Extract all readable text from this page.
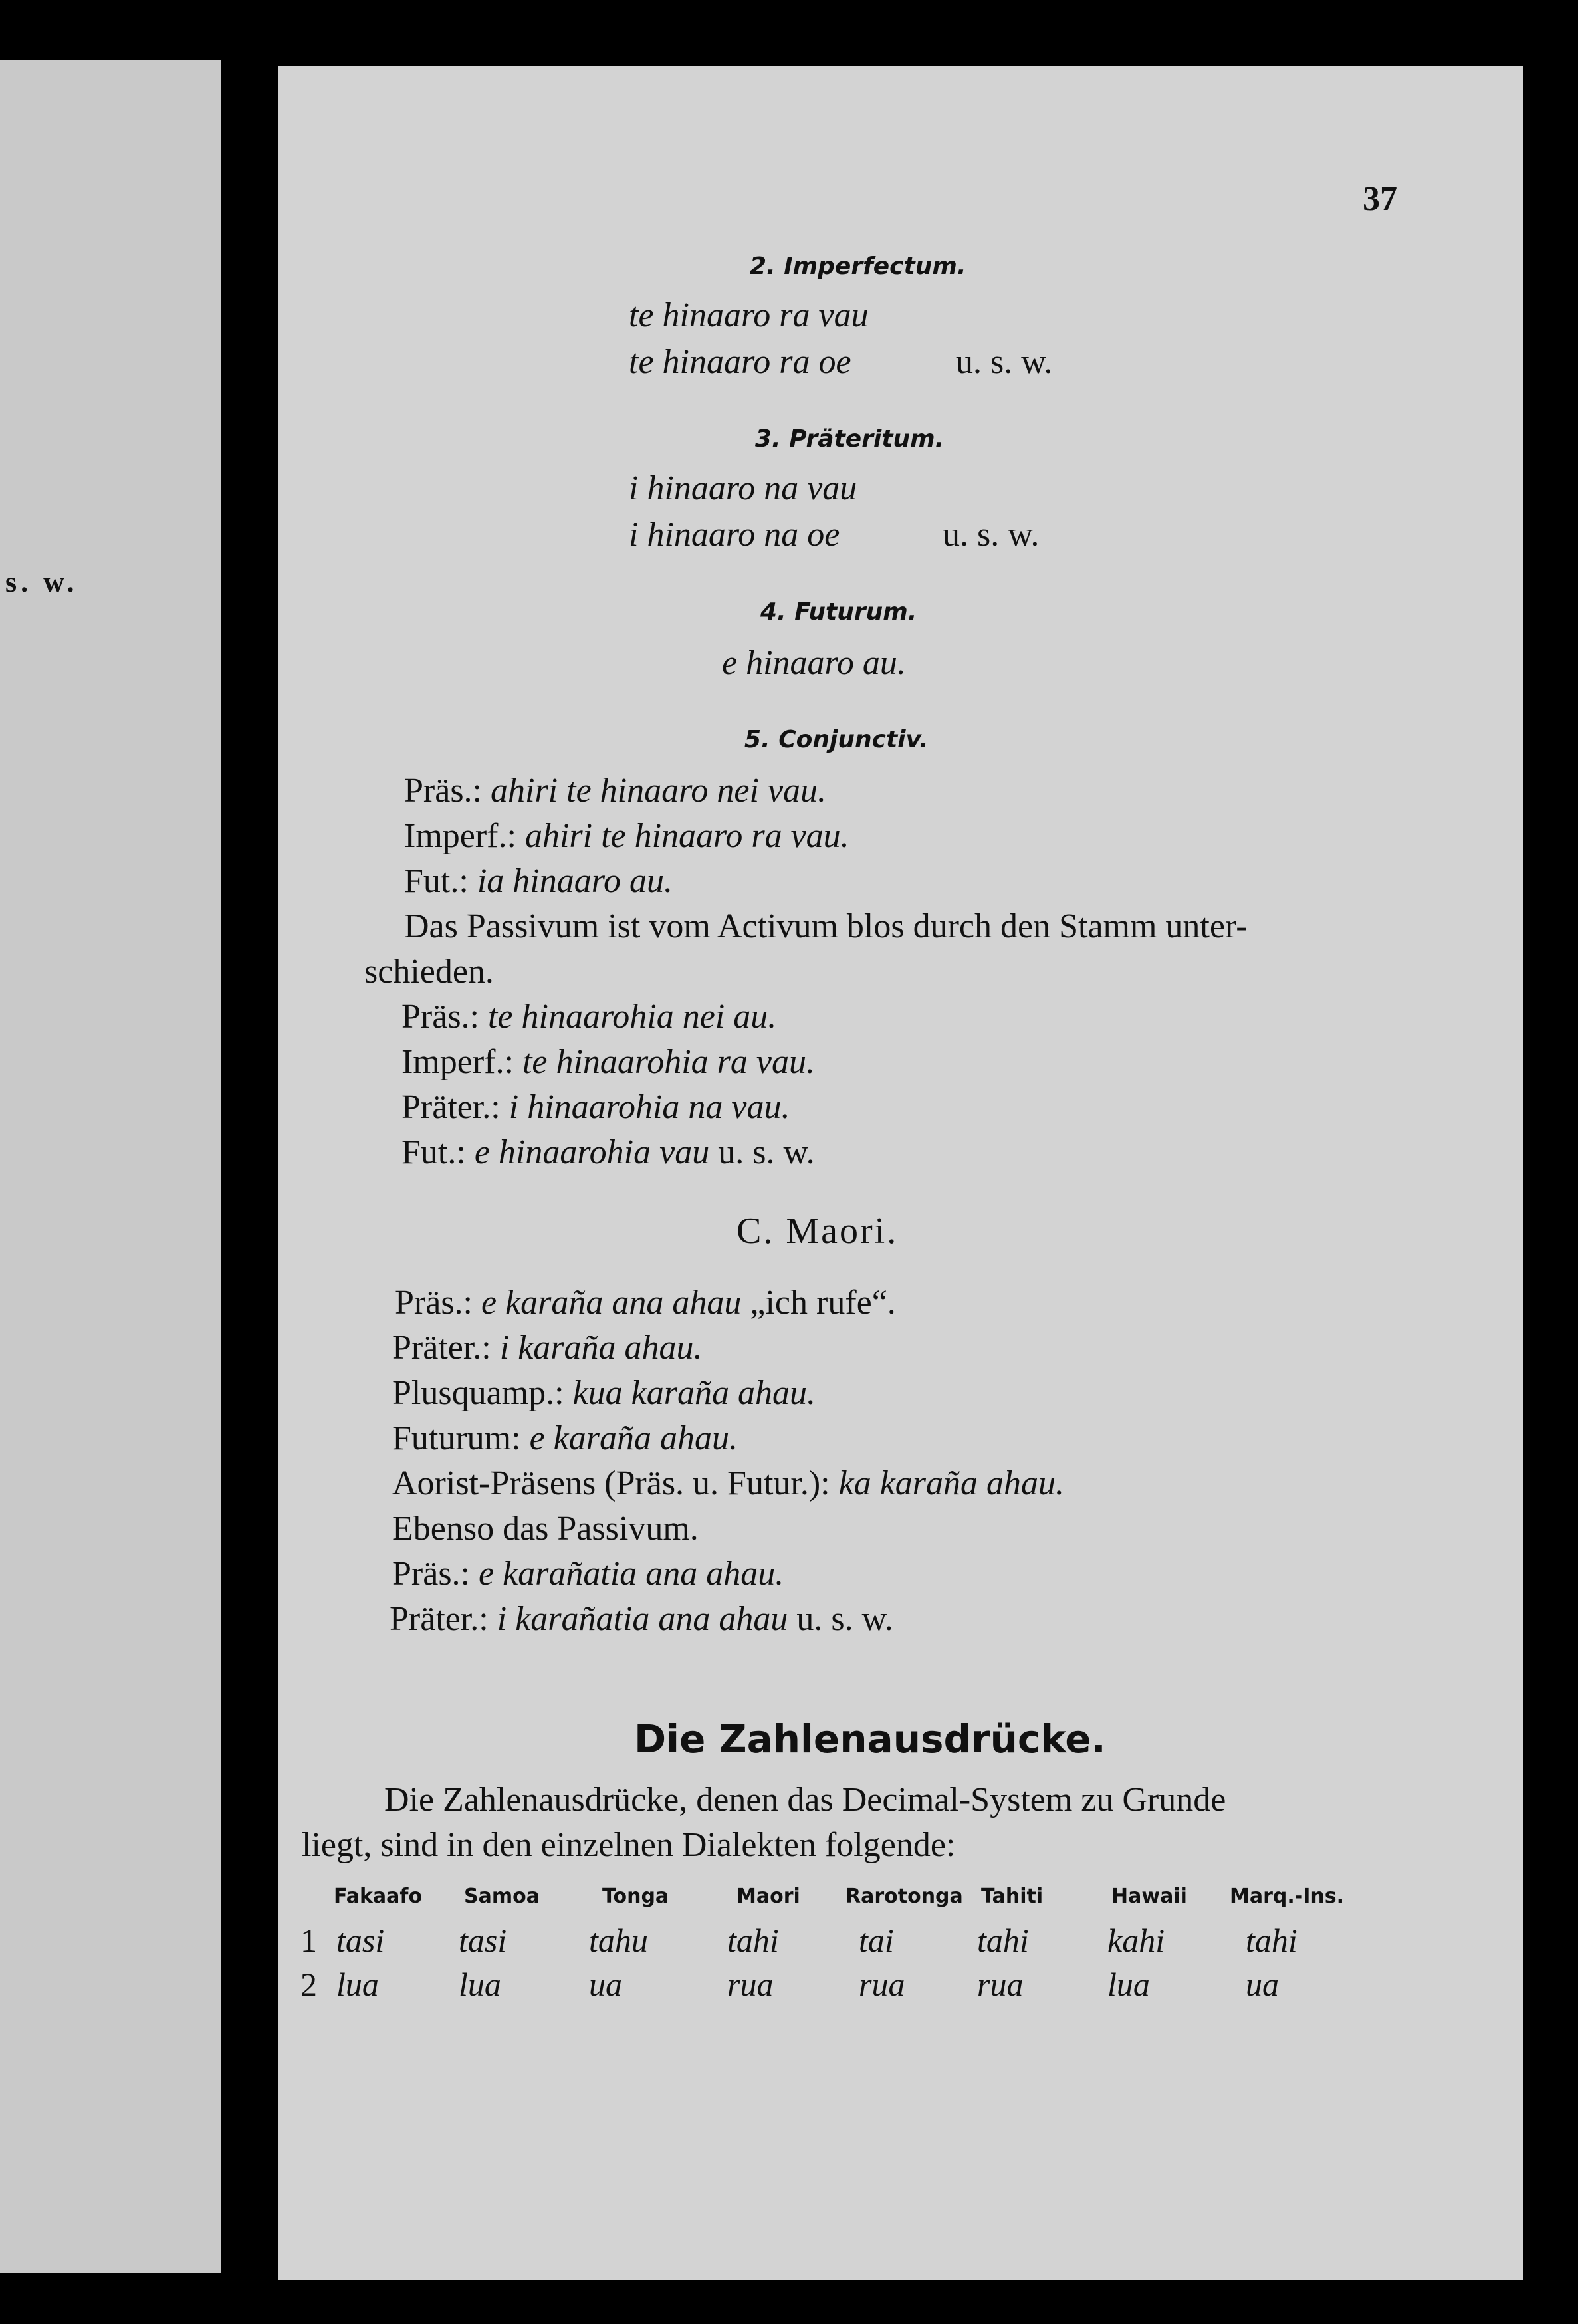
s. w.
37
2. Imperfectum.
te hinaaro ra vau
te hinaaro ra oe	u. s. w.
3. Präteritum.
i hinaaro na vau
i hinaaro na oe	u. s. w.
4. Futurum.
e hinaaro au.
5. Conjunctiv.
Präs.: ahiri te hinaaro nei vau.
Imperf.: ahiri te hinaaro ra vau.
Fut.: ia hinaaro au.
Das Passivum ist vom Activum blos durch den Stamm unter-
schieden.
Präs.: te hinaarohia nei au.
Imperf.: te hinaarohia ra vau.
Präter.: i hinaarohia na vau.
Fut.: e hinaarohia vau u. s. w.
C. Maori.
Präs.: e karaña ana ahau „ich rufe“.
Präter.: i karaña ahau.
Plusquamp.: kua karaña ahau.
Futurum: e karaña ahau.
Aorist-Präsens (Präs. u. Futur.): ka karaña ahau.
Ebenso das Passivum.
Präs.: e karañatia ana ahau.
Präter.: i karañatia ana ahau u. s. w.
Die Zahlenausdrücke.
Die Zahlenausdrücke, denen das Decimal-System zu Grunde
liegt, sind in den einzelnen Dialekten folgende:
Fakaafo Samoa	Tonga	Maori Rarotonga Tahiti	Hawaii Marq.-Ins.
1 tasi tasi tahu tahi tai	tahi kahi tahi
2 lua lua	ua	rua	rua rua	lua	ua
